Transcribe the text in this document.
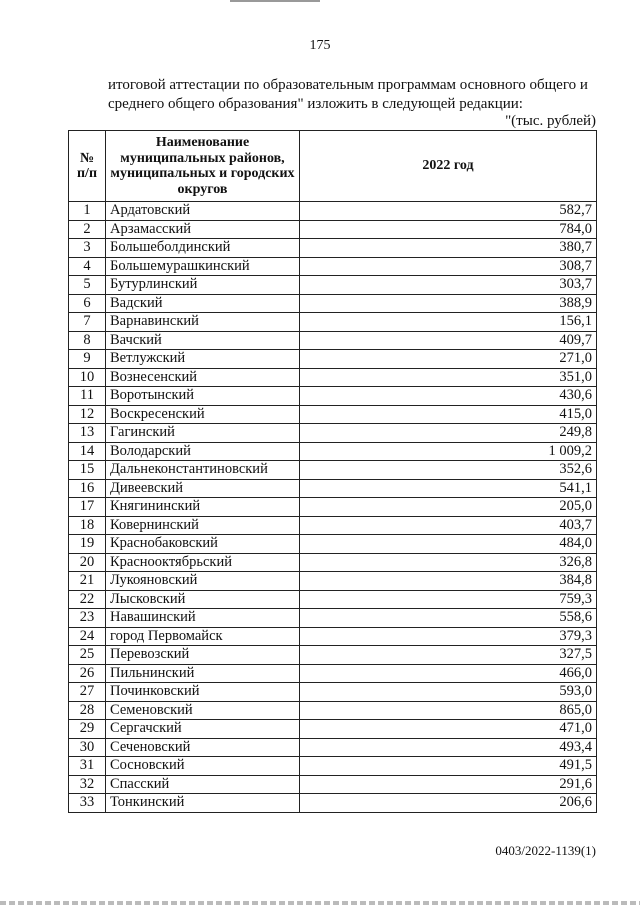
175
итоговой аттестации по образовательным программам основного общего и
среднего общего образования" изложить в следующей редакции:
"(тыс. рублей)
№ п/п	Наименование муниципальных районов, муниципальных и городских округов	2022 год
1	Ардатовский	582,7
2	Арзамасский	784,0
3	Большеболдинский	380,7
4	Большемурашкинский	308,7
5	Бутурлинский	303,7
6	Вадский	388,9
7	Варнавинский	156,1
8	Вачский	409,7
9	Ветлужский	271,0
10	Вознесенский	351,0
11	Воротынский	430,6
12	Воскресенский	415,0
13	Гагинский	249,8
14	Володарский	1 009,2
15	Дальнеконстантиновский	352,6
16	Дивеевский	541,1
17	Княгининский	205,0
18	Ковернинский	403,7
19	Краснобаковский	484,0
20	Краснооктябрьский	326,8
21	Лукояновский	384,8
22	Лысковский	759,3
23	Навашинский	558,6
24	город Первомайск	379,3
25	Перевозский	327,5
26	Пильнинский	466,0
27	Починковский	593,0
28	Семеновский	865,0
29	Сергачский	471,0
30	Сеченовский	493,4
31	Сосновский	491,5
32	Спасский	291,6
33	Тонкинский	206,6
0403/2022-1139(1)
